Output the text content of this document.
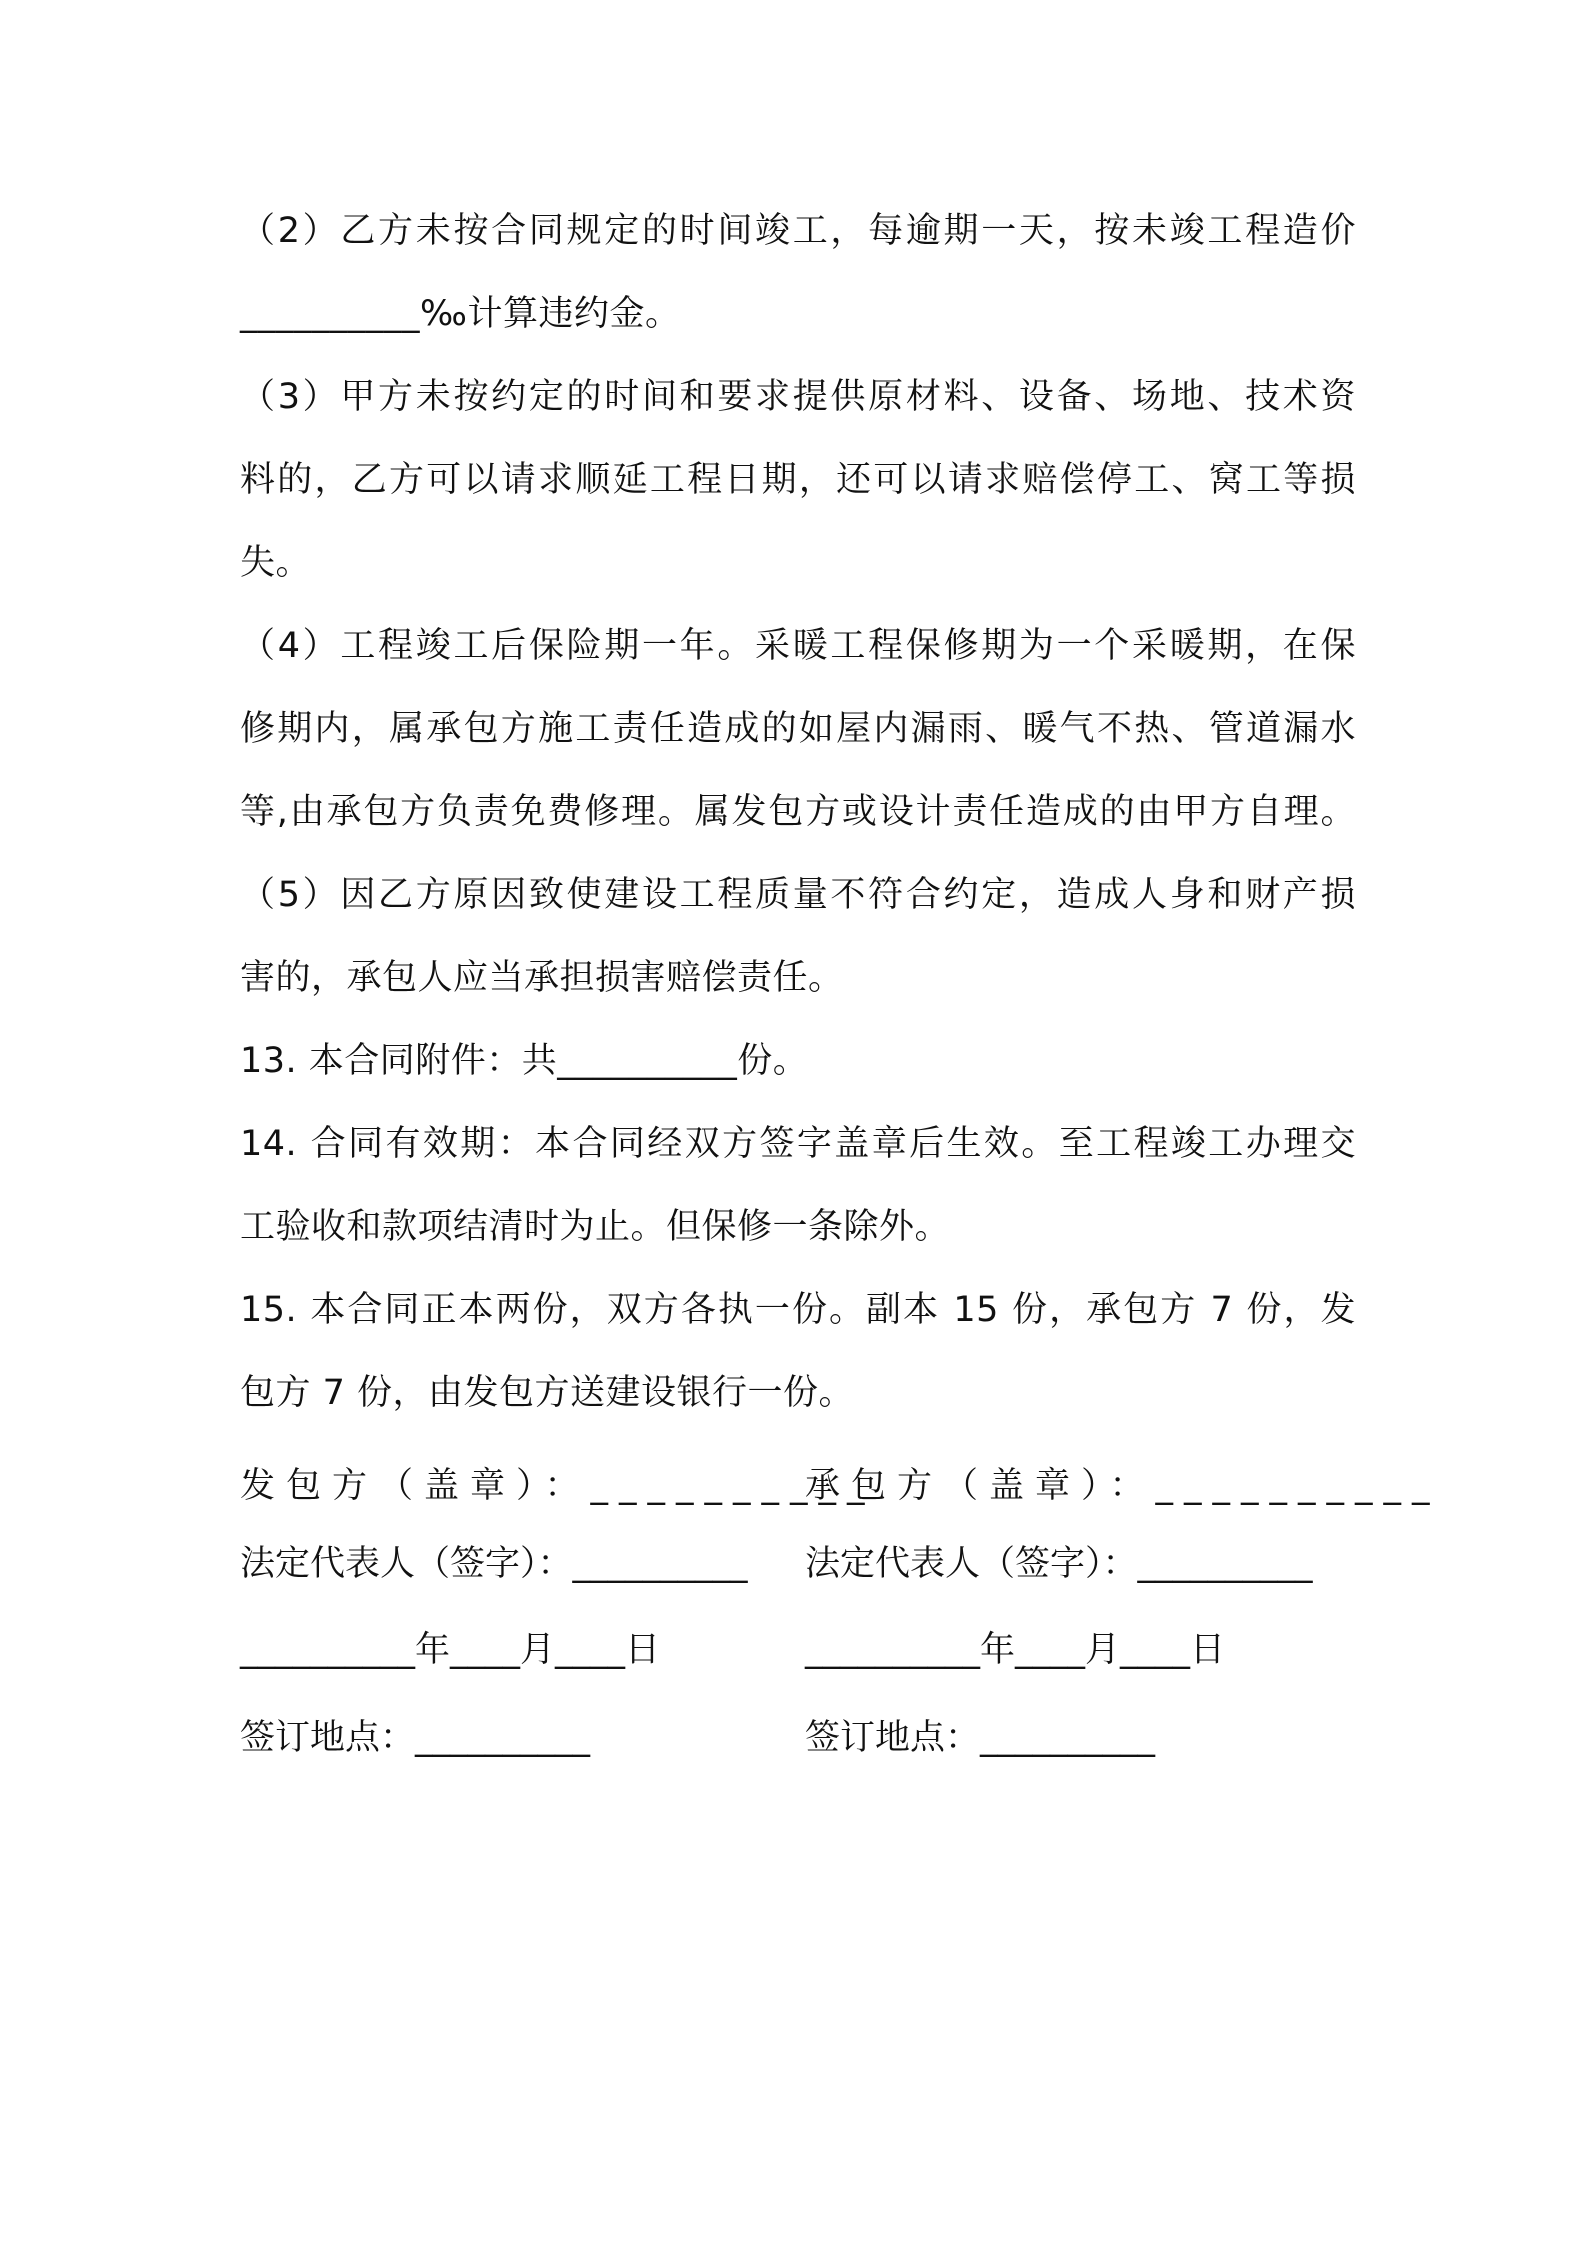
（2）乙方未按合同规定的时间竣工，每逾期一天，按未竣工程造价
__________‰计算违约金。
（3）甲方未按约定的时间和要求提供原材料、设备、场地、技术资
料的，乙方可以请求顺延工程日期，还可以请求赔偿停工、窝工等损
失。
（4）工程竣工后保险期一年。采暖工程保修期为一个采暖期，在保
修期内，属承包方施工责任造成的如屋内漏雨、暖气不热、管道漏水
等,由承包方负责免费修理。属发包方或设计责任造成的由甲方自理。
（5）因乙方原因致使建设工程质量不符合约定，造成人身和财产损
害的，承包人应当承担损害赔偿责任。
13. 本合同附件：共__________份。
14. 合同有效期：本合同经双方签字盖章后生效。至工程竣工办理交
工验收和款项结清时为止。但保修一条除外。
15. 本合同正本两份，双方各执一份。副本 15 份，承包方 7 份，发
包方 7 份，由发包方送建设银行一份。
发包方（盖章）：__________
承包方（盖章）：__________
法定代表人（签字）：__________ 法定代表人（签字）：__________
__________年____月____日	__________年____月____日
签订地点：__________	签订地点：__________
